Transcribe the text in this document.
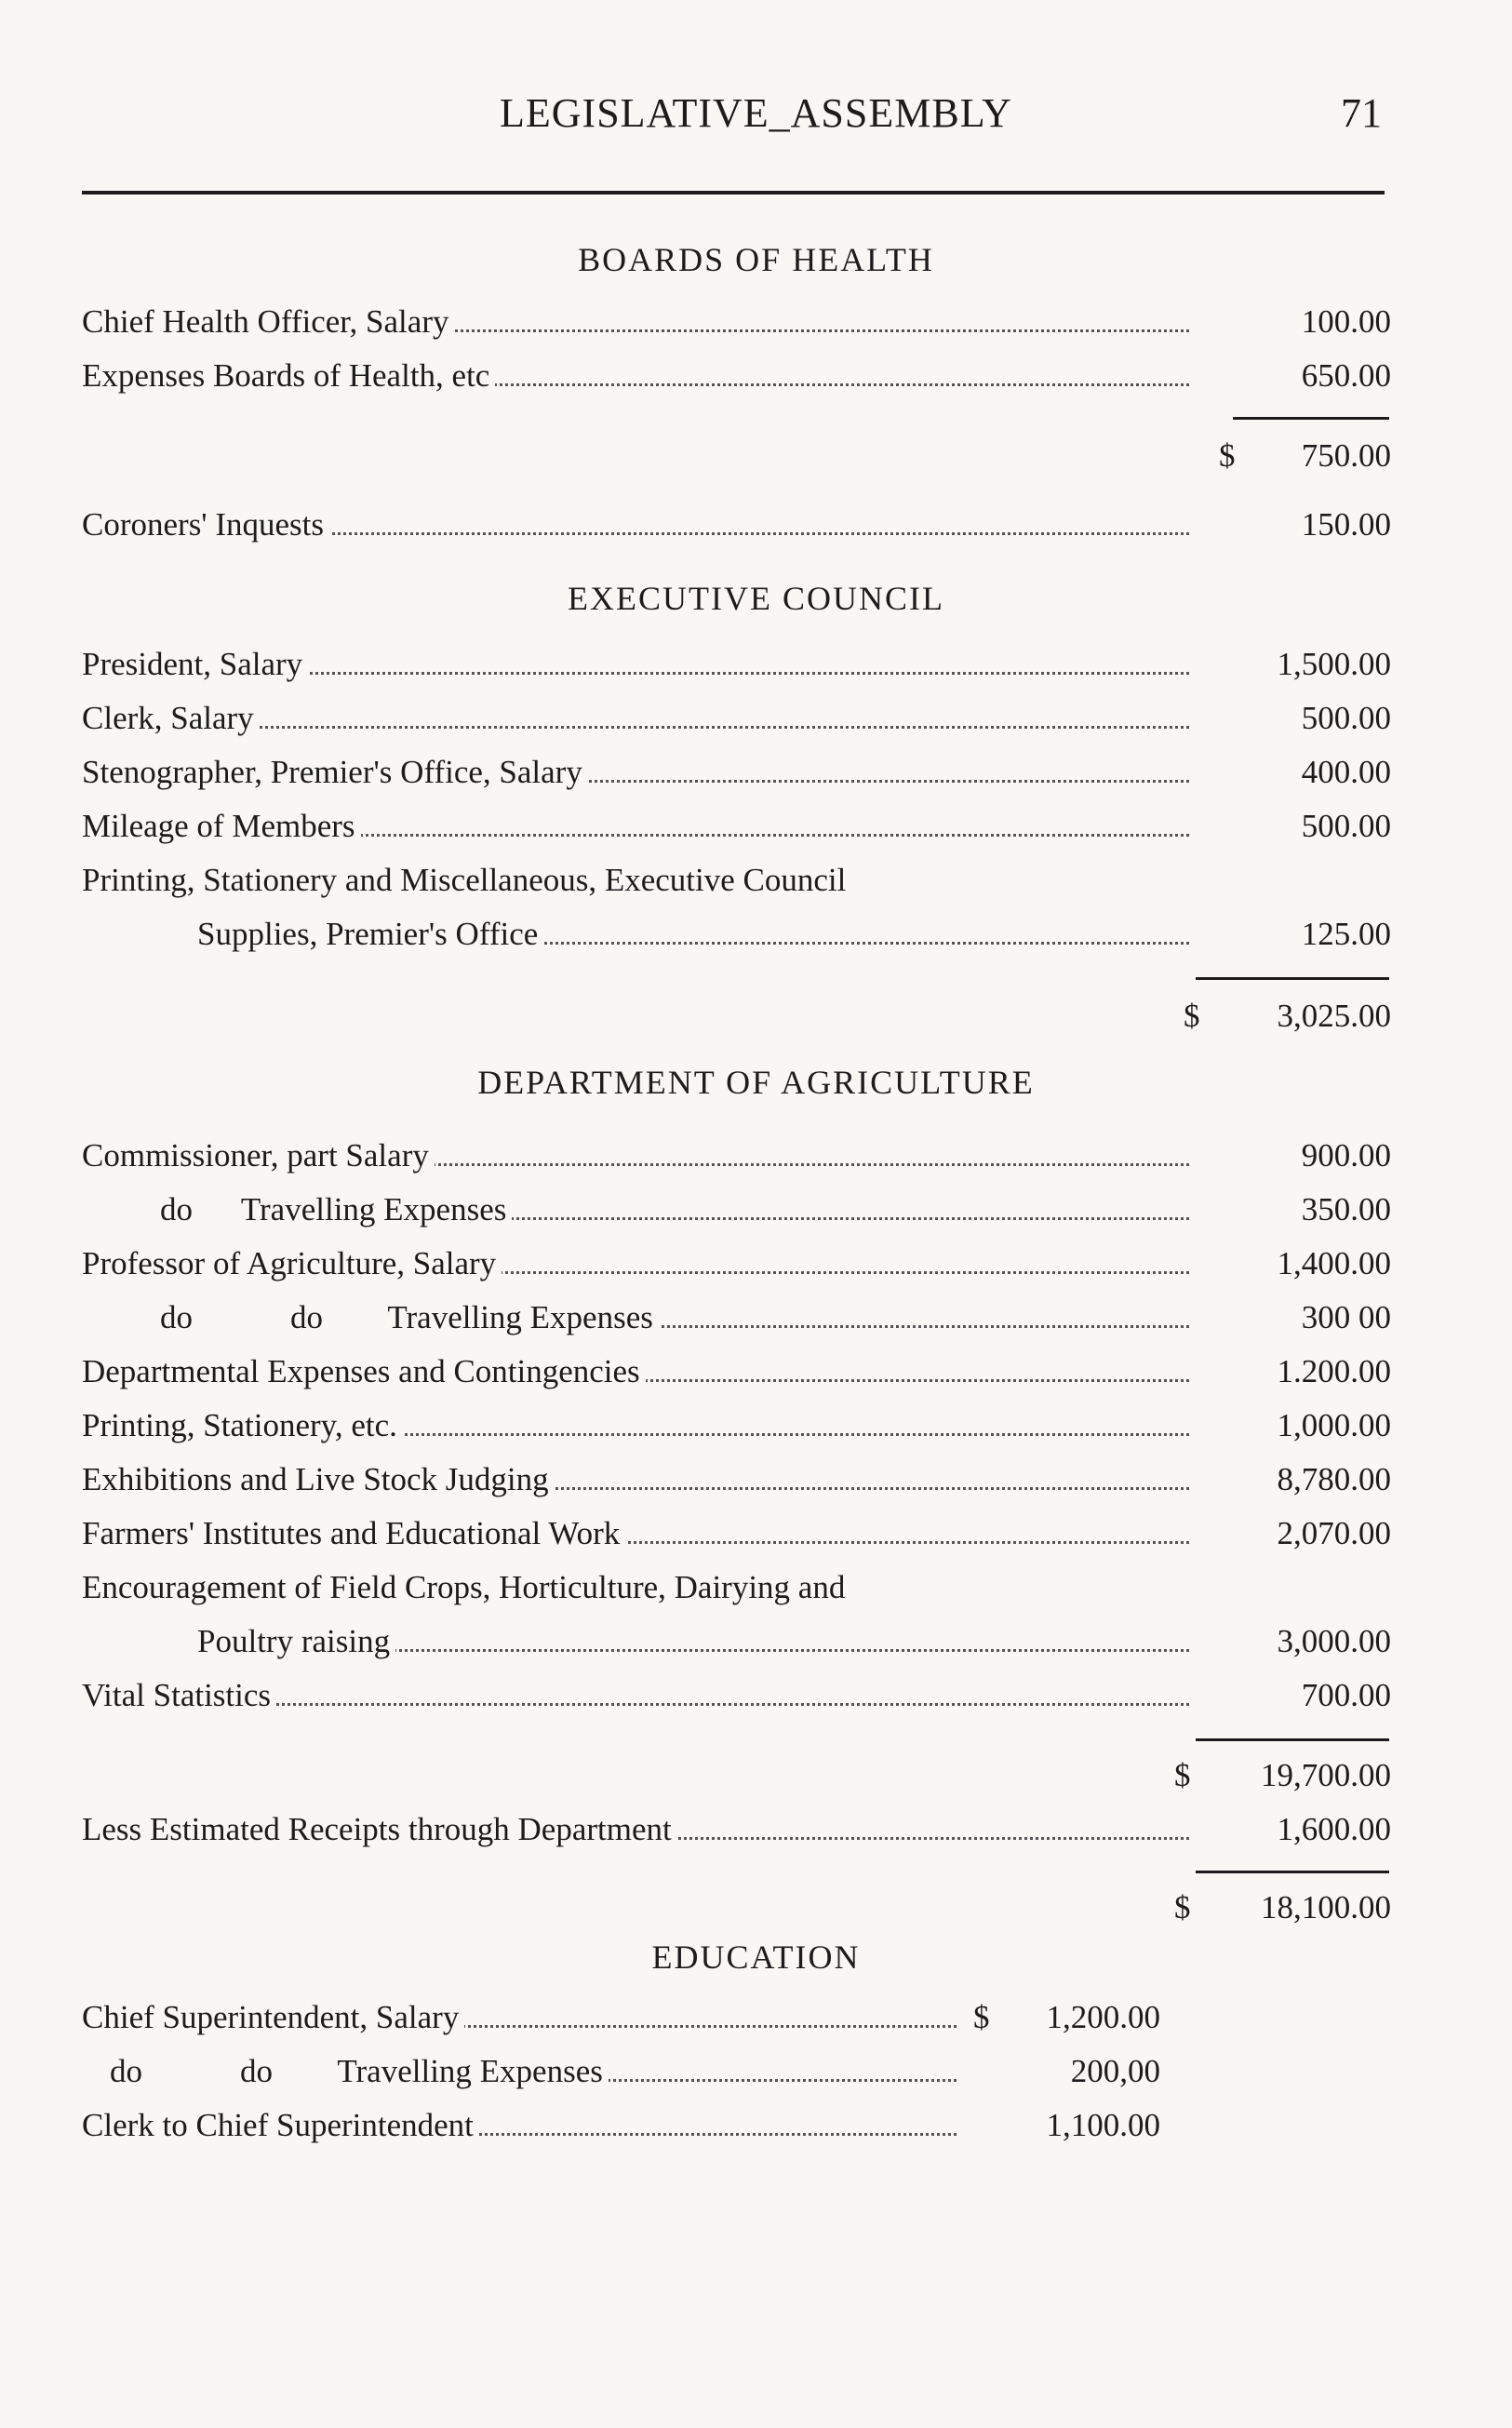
LEGISLATIVE_ASSEMBLY	71
BOARDS OF HEALTH
Chief Health Officer, Salary	100.00
Expenses Boards of Health, etc	650.00
$ 750.00
Coroners' Inquests	150.00
EXECUTIVE COUNCIL
President, Salary	1,500.00
Clerk, Salary	500.00
Stenographer, Premier's Office, Salary	400.00
Mileage of Members	500.00
Printing, Stationery and Miscellaneous, Executive Council
Supplies, Premier's Office	125.00
$ 3,025.00
DEPARTMENT OF AGRICULTURE
Commissioner, part Salary	900.00
do      Travelling Expenses	350.00
Professor of Agriculture, Salary	1,400.00
do            do        Travelling Expenses	300 00
Departmental Expenses and Contingencies	1.200.00
Printing, Stationery, etc.	1,000.00
Exhibitions and Live Stock Judging	8,780.00
Farmers' Institutes and Educational Work	2,070.00
Encouragement of Field Crops, Horticulture, Dairying and
Poultry raising	3,000.00
Vital Statistics	700.00
$ 19,700.00
Less Estimated Receipts through Department	1,600.00
$ 18,100.00
EDUCATION
Chief Superintendent, Salary	$ 1,200.00
do            do        Travelling Expenses	200,00
Clerk to Chief Superintendent	1,100.00
